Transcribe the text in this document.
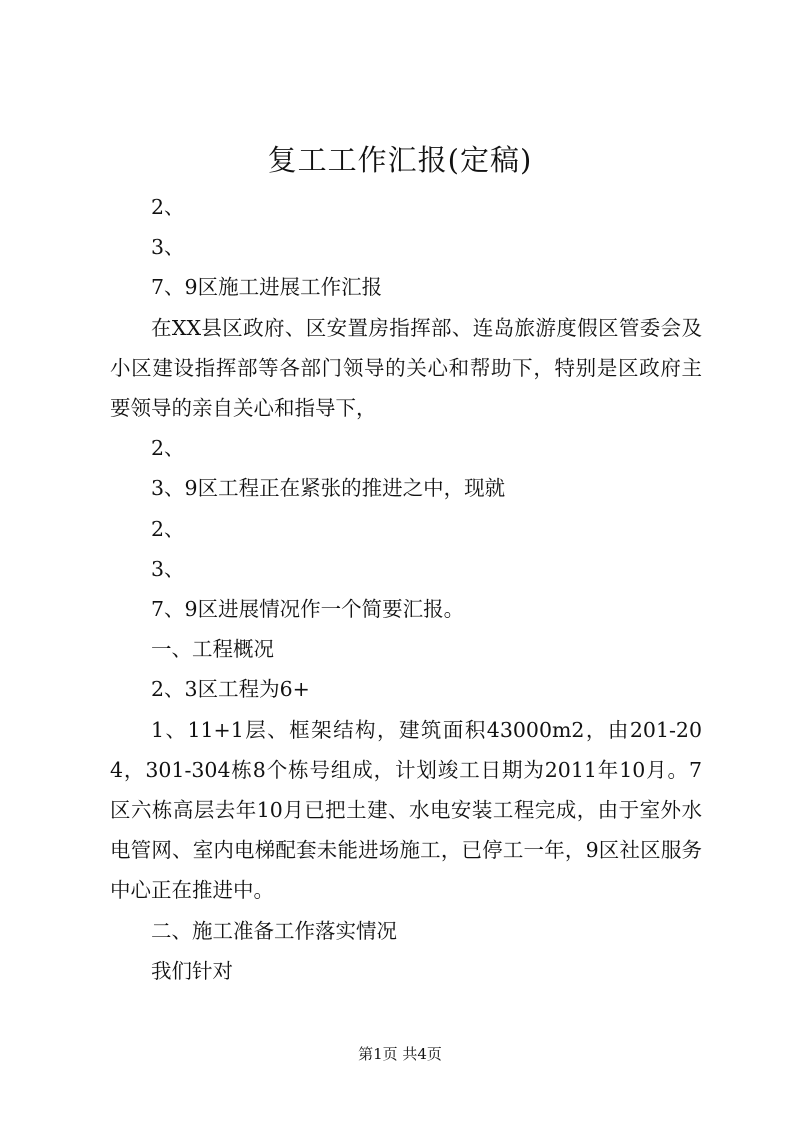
复工工作汇报(定稿)

2、

3、

7、9区施工进展工作汇报

在XX县区政府、区安置房指挥部、连岛旅游度假区管委会及小区建设指挥部等各部门领导的关心和帮助下，特别是区政府主要领导的亲自关心和指导下，

2、

3、9区工程正在紧张的推进之中，现就

2、

3、

7、9区进展情况作一个简要汇报。

一、工程概况

2、3区工程为6+

1、11+1层、框架结构，建筑面积43000m2，由201-204，301-304栋8个栋号组成，计划竣工日期为2011年10月。7区六栋高层去年10月已把土建、水电安装工程完成，由于室外水电管网、室内电梯配套未能进场施工，已停工一年，9区社区服务中心正在推进中。

二、施工准备工作落实情况

我们针对

第1页 共4页
